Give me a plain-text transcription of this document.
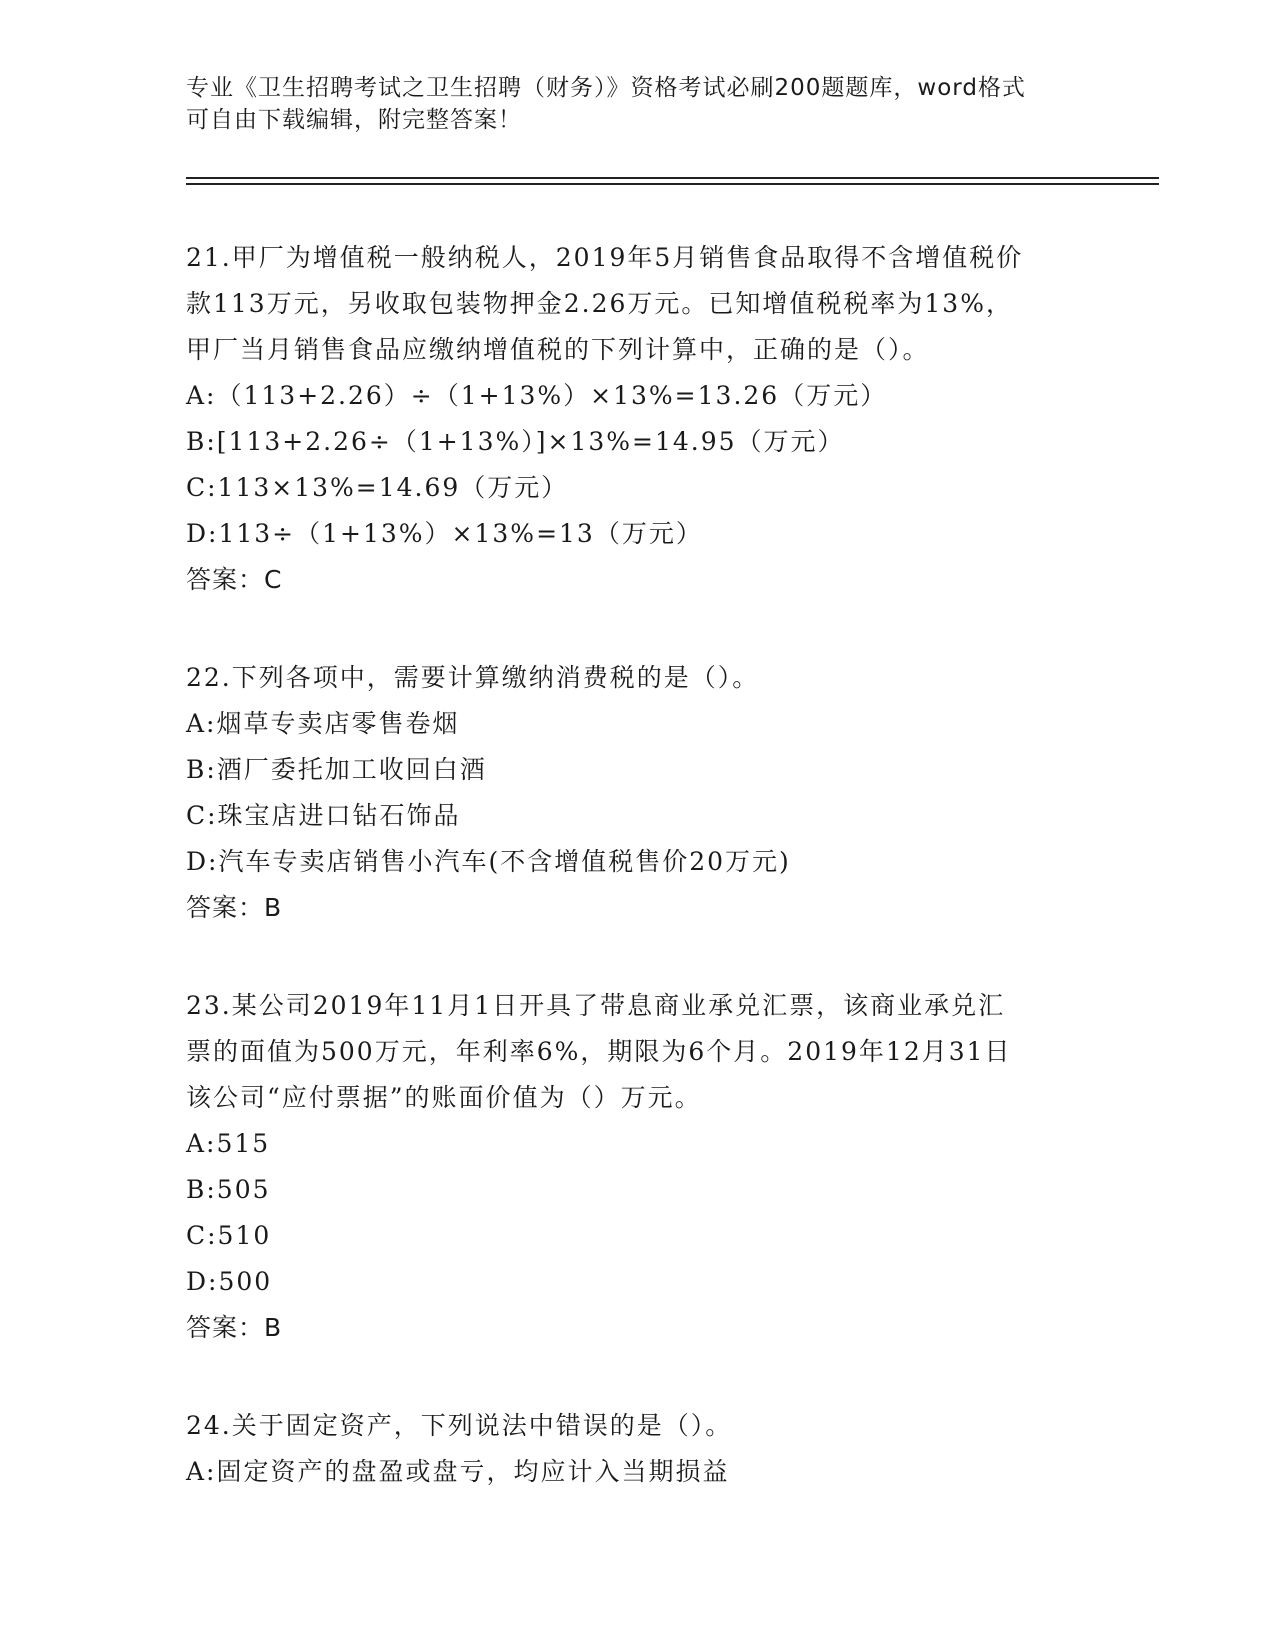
专业《卫生招聘考试之卫生招聘（财务）》资格考试必刷200题题库，word格式
可自由下载编辑，附完整答案！
21.甲厂为增值税一般纳税人，2019年5月销售食品取得不含增值税价
款113万元，另收取包装物押金2.26万元。已知增值税税率为13%，
甲厂当月销售食品应缴纳增值税的下列计算中，正确的是（）。
A:（113+2.26）÷（1+13%）×13%=13.26（万元）
B:[113+2.26÷（1+13%）]×13%=14.95（万元）
C:113×13%=14.69（万元）
D:113÷（1+13%）×13%=13（万元）
答案：C
22.下列各项中，需要计算缴纳消费税的是（）。
A:烟草专卖店零售卷烟
B:酒厂委托加工收回白酒
C:珠宝店进口钻石饰品
D:汽车专卖店销售小汽车(不含增值税售价20万元)
答案：B
23.某公司2019年11月1日开具了带息商业承兑汇票，该商业承兑汇
票的面值为500万元，年利率6%，期限为6个月。2019年12月31日
该公司“应付票据”的账面价值为（）万元。
A:515
B:505
C:510
D:500
答案：B
24.关于固定资产，下列说法中错误的是（）。
A:固定资产的盘盈或盘亏，均应计入当期损益
